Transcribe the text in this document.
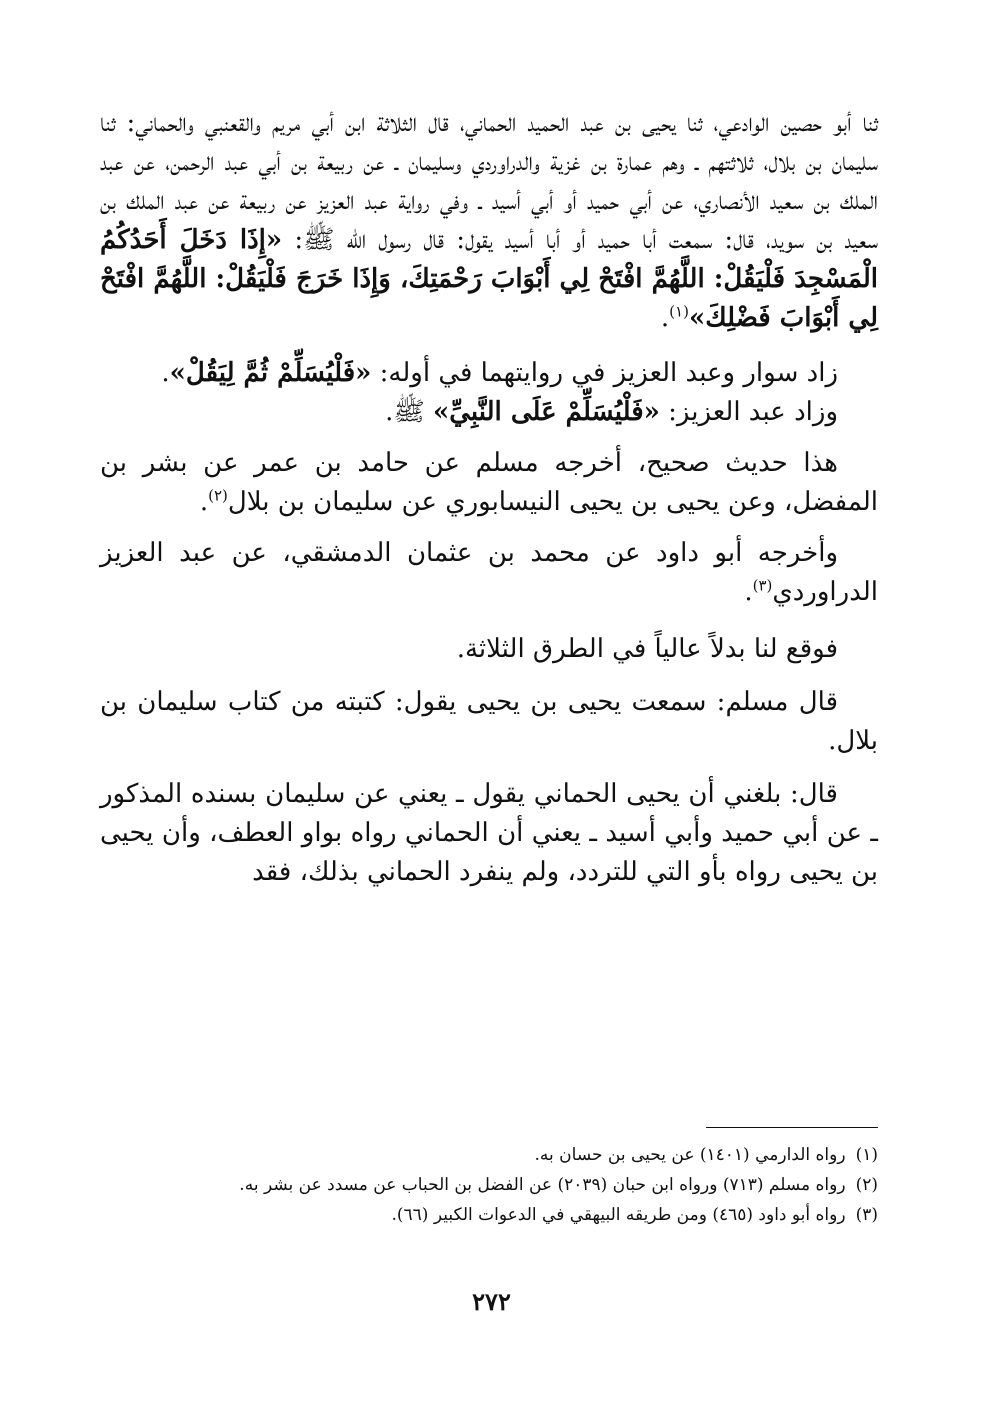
ثنا أبو حصين الوادعي، ثنا يحيى بن عبد الحميد الحماني، قال الثلاثة ابن أبي مريم والقعنبي والحماني: ثنا سليمان بن بلال، ثلاثتهم ـ وهم عمارة بن غزية والدراوردي وسليمان ـ عن ربيعة بن أبي عبد الرحمن، عن عبد الملك بن سعيد الأنصاري، عن أبي حميد أو أبي أسيد ـ وفي رواية عبد العزيز عن ربيعة عن عبد الملك بن سعيد بن سويد، قال: سمعت أبا حميد أو أبا أسيد يقول: قال رسول الله ﷺ: «إِذَا دَخَلَ أَحَدُكُمُ الْمَسْجِدَ فَلْيَقُلْ: اللَّهُمَّ افْتَحْ لِي أَبْوَابَ رَحْمَتِكَ، وَإِذَا خَرَجَ فَلْيَقُلْ: اللَّهُمَّ افْتَحْ لِي أَبْوَابَ فَضْلِكَ»$^{(١)}$.

زاد سوار وعبد العزيز في روايتهما في أوله: «فَلْيُسَلِّمْ ثُمَّ لِيَقُلْ».

وزاد عبد العزيز: «فَلْيُسَلِّمْ عَلَى النَّبِيِّ» ﷺ.

هذا حديث صحيح، أخرجه مسلم عن حامد بن عمر عن بشر بن المفضل، وعن يحيى بن يحيى النيسابوري عن سليمان بن بلال$^{(٢)}$.

وأخرجه أبو داود عن محمد بن عثمان الدمشقي، عن عبد العزيز الدراوردي$^{(٣)}$.

فوقع لنا بدلاً عالياً في الطرق الثلاثة.

قال مسلم: سمعت يحيى بن يحيى يقول: كتبته من كتاب سليمان بن بلال.

قال: بلغني أن يحيى الحماني يقول ـ يعني عن سليمان بسنده المذكور ـ عن أبي حميد وأبي أسيد ـ يعني أن الحماني رواه بواو العطف، وأن يحيى بن يحيى رواه بأو التي للتردد، ولم ينفرد الحماني بذلك، فقد

(١)
رواه الدارمي (١٤٠١) عن يحيى بن حسان به.
(٢)
رواه مسلم (٧١٣) ورواه ابن حبان (٢٠٣٩) عن الفضل بن الحباب عن مسدد عن بشر به.
(٣)
رواه أبو داود (٤٦٥) ومن طريقه البيهقي في الدعوات الكبير (٦٦).
٢٧٢
